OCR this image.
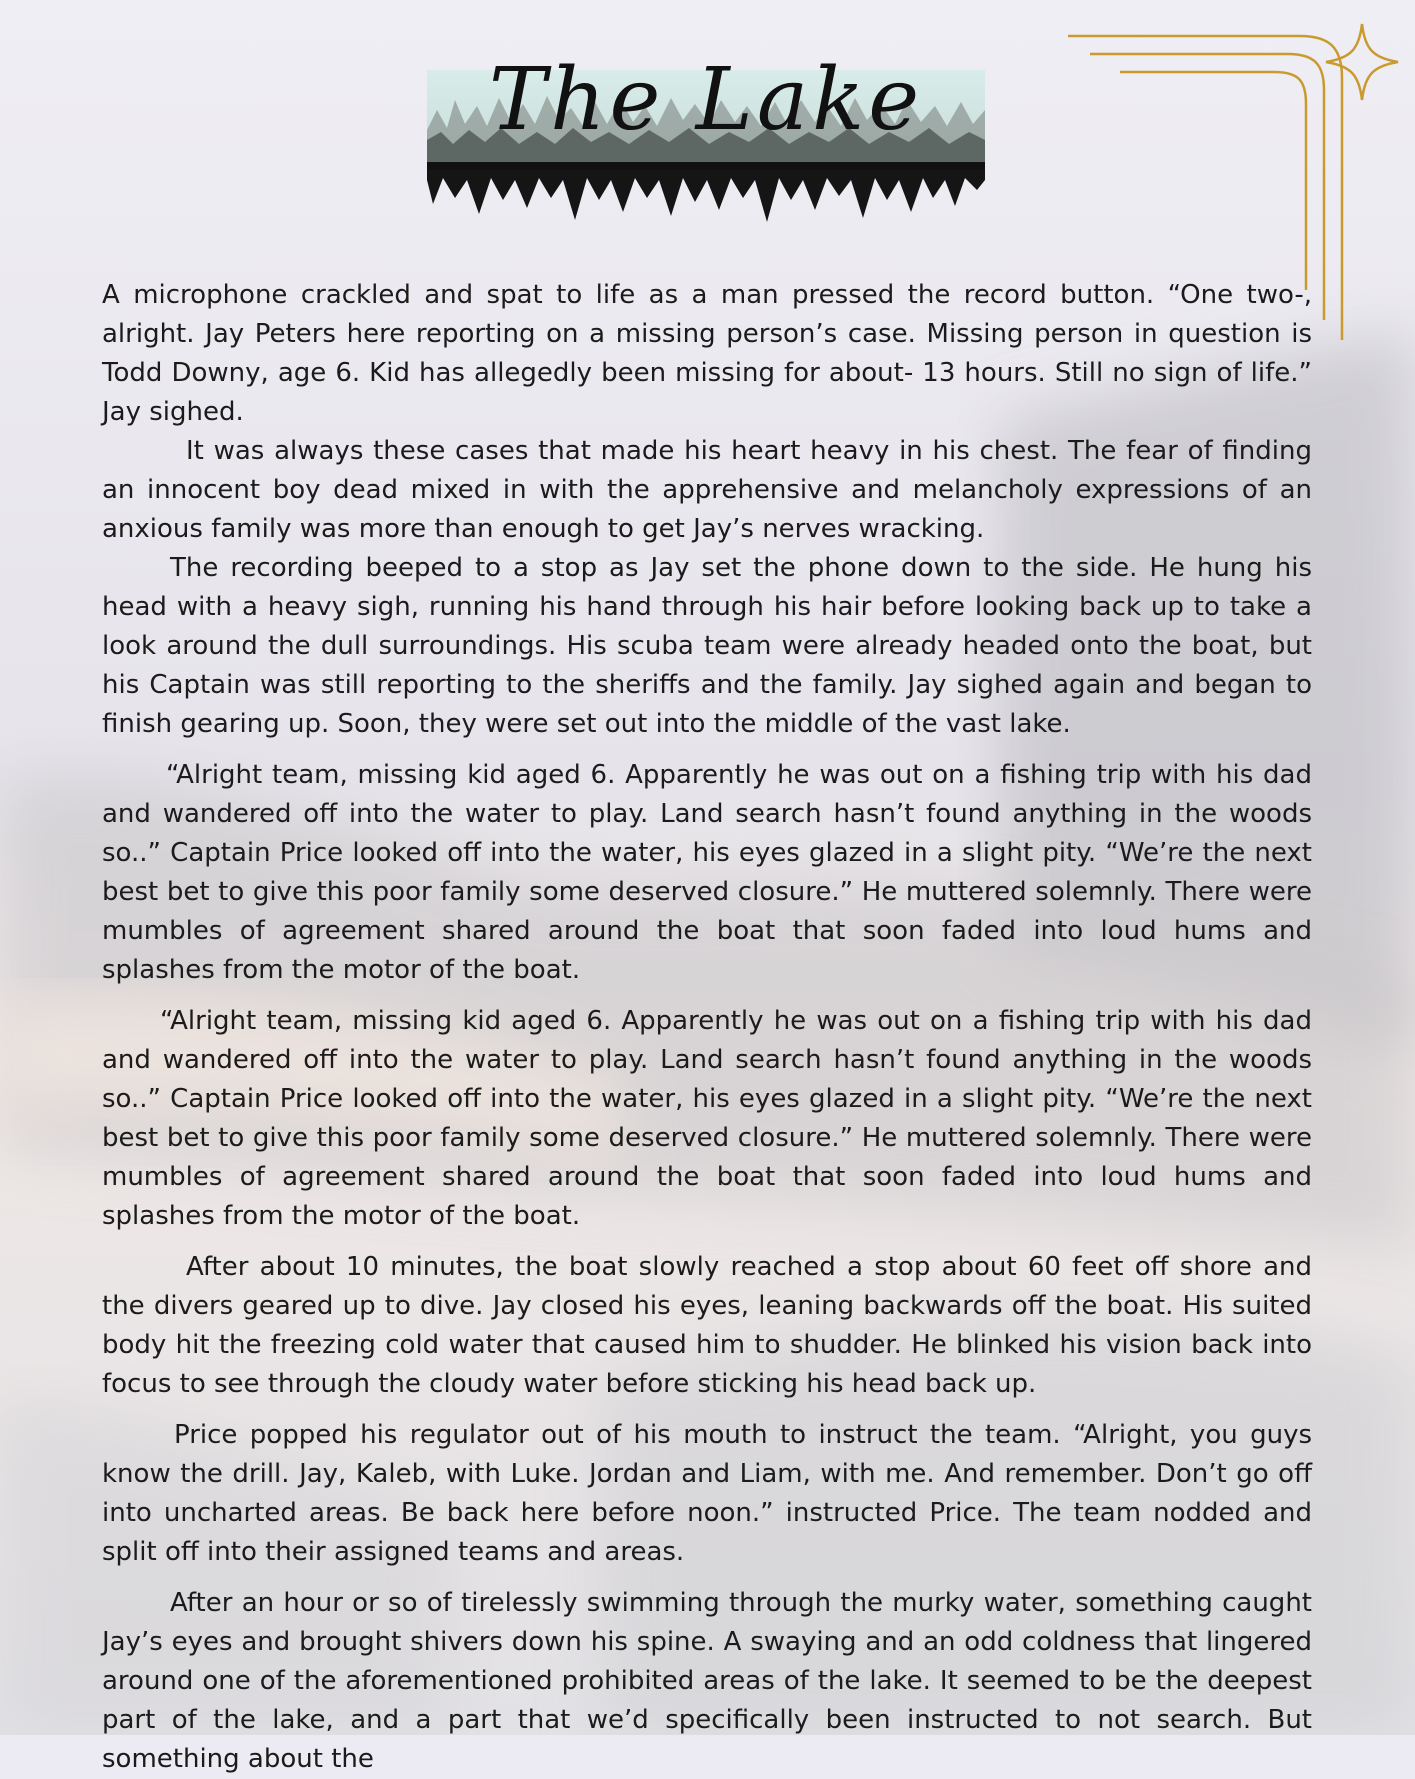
The Lake

A microphone crackled and spat to life as a man pressed the record button. “One two-, alright. Jay Peters here reporting on a missing person’s case. Missing person in question is Todd Downy, age 6. Kid has allegedly been missing for about- 13 hours. Still no sign of life.” Jay sighed.

It was always these cases that made his heart heavy in his chest. The fear of finding an innocent boy dead mixed in with the apprehensive and melancholy expressions of an anxious family was more than enough to get Jay’s nerves wracking.

The recording beeped to a stop as Jay set the phone down to the side. He hung his head with a heavy sigh, running his hand through his hair before looking back up to take a look around the dull surroundings. His scuba team were already headed onto the boat, but his Captain was still reporting to the sheriffs and the family. Jay sighed again and began to finish gearing up. Soon, they were set out into the middle of the vast lake.

“Alright team, missing kid aged 6. Apparently he was out on a fishing trip with his dad and wandered off into the water to play. Land search hasn’t found anything in the woods so..” Captain Price looked off into the water, his eyes glazed in a slight pity. “We’re the next best bet to give this poor family some deserved closure.” He muttered solemnly. There were mumbles of agreement shared around the boat that soon faded into loud hums and splashes from the motor of the boat.

“Alright team, missing kid aged 6. Apparently he was out on a fishing trip with his dad and wandered off into the water to play. Land search hasn’t found anything in the woods so..” Captain Price looked off into the water, his eyes glazed in a slight pity. “We’re the next best bet to give this poor family some deserved closure.” He muttered solemnly. There were mumbles of agreement shared around the boat that soon faded into loud hums and splashes from the motor of the boat.

After about 10 minutes, the boat slowly reached a stop about 60 feet off shore and the divers geared up to dive. Jay closed his eyes, leaning backwards off the boat. His suited body hit the freezing cold water that caused him to shudder. He blinked his vision back into focus to see through the cloudy water before sticking his head back up.

Price popped his regulator out of his mouth to instruct the team. “Alright, you guys know the drill. Jay, Kaleb, with Luke. Jordan and Liam, with me. And remember. Don’t go off into uncharted areas. Be back here before noon.” instructed Price. The team nodded and split off into their assigned teams and areas.

After an hour or so of tirelessly swimming through the murky water, something caught Jay’s eyes and brought shivers down his spine. A swaying and an odd coldness that lingered around one of the aforementioned prohibited areas of the lake. It seemed to be the deepest part of the lake, and a part that we’d specifically been instructed to not search. But something about the
